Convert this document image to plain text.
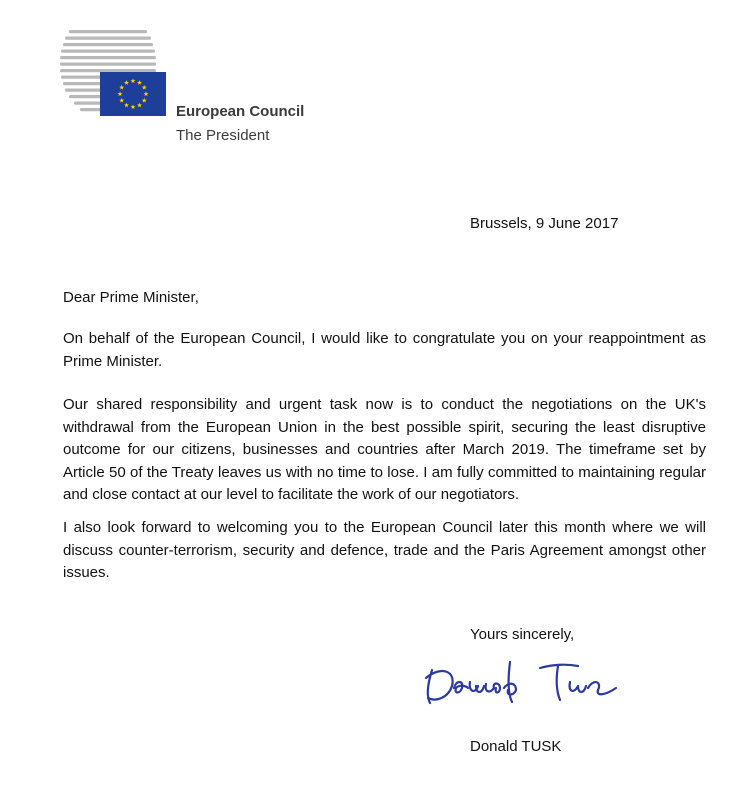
European Council
The President
Brussels, 9 June 2017
Dear Prime Minister,

On behalf of the European Council, I would like to congratulate you on your reappointment as Prime Minister.

Our shared responsibility and urgent task now is to conduct the negotiations on the UK's withdrawal from the European Union in the best possible spirit, securing the least disruptive outcome for our citizens, businesses and countries after March 2019. The timeframe set by Article 50 of the Treaty leaves us with no time to lose. I am fully committed to maintaining regular and close contact at our level to facilitate the work of our negotiators.

I also look forward to welcoming you to the European Council later this month where we will discuss counter-terrorism, security and defence, trade and the Paris Agreement amongst other issues.

Yours sincerely,
Donald TUSK
